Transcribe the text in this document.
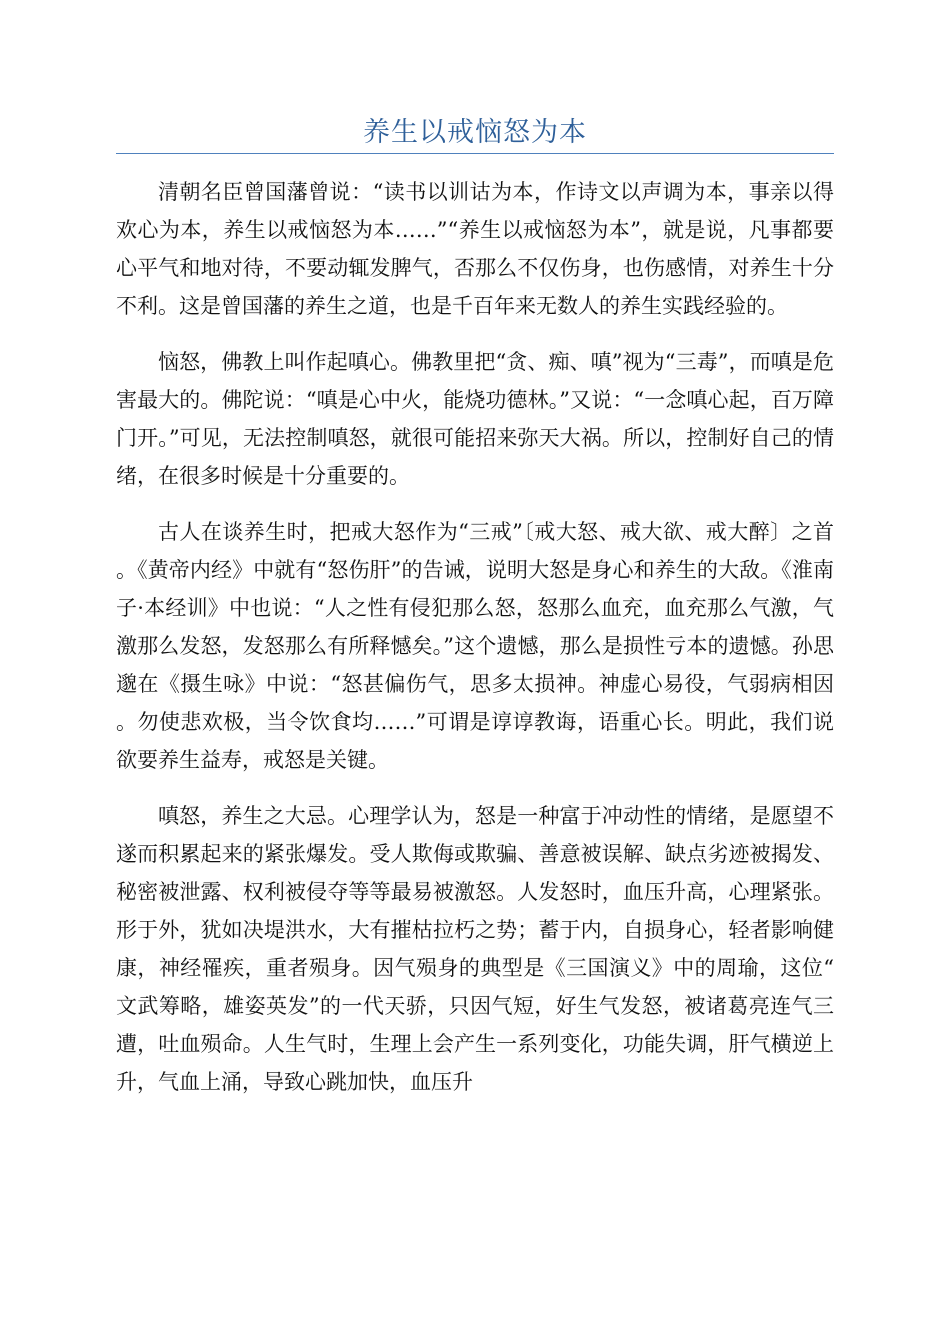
养生以戒恼怒为本

清朝名臣曾国藩曾说：“读书以训诂为本，作诗文以声调为本，事亲以得欢心为本，养生以戒恼怒为本……”“养生以戒恼怒为本”，就是说，凡事都要心平气和地对待，不要动辄发脾气，否那么不仅伤身，也伤感情，对养生十分不利。这是曾国藩的养生之道，也是千百年来无数人的养生实践经验的。

恼怒，佛教上叫作起嗔心。佛教里把“贪、痴、嗔”视为“三毒”，而嗔是危害最大的。佛陀说：“嗔是心中火，能烧功德林。”又说：“一念嗔心起，百万障门开。”可见，无法控制嗔怒，就很可能招来弥天大祸。所以，控制好自己的情绪，在很多时候是十分重要的。

古人在谈养生时，把戒大怒作为“三戒”〔戒大怒、戒大欲、戒大醉〕之首。《黄帝内经》中就有“怒伤肝”的告诫，说明大怒是身心和养生的大敌。《淮南子·本经训》中也说：“人之性有侵犯那么怒，怒那么血充，血充那么气激，气激那么发怒，发怒那么有所释憾矣。”这个遗憾，那么是损性亏本的遗憾。孙思邈在《摄生咏》中说：“怒甚偏伤气，思多太损神。神虚心易役，气弱病相因。勿使悲欢极，当令饮食均……”可谓是谆谆教诲，语重心长。明此，我们说欲要养生益寿，戒怒是关键。

嗔怒，养生之大忌。心理学认为，怒是一种富于冲动性的情绪，是愿望不遂而积累起来的紧张爆发。受人欺侮或欺骗、善意被误解、缺点劣迹被揭发、秘密被泄露、权利被侵夺等等最易被激怒。人发怒时，血压升高，心理紧张。形于外，犹如决堤洪水，大有摧枯拉朽之势；蓄于内，自损身心，轻者影响健康，神经罹疾，重者殒身。因气殒身的典型是《三国演义》中的周瑜，这位“文武筹略，雄姿英发”的一代天骄，只因气短，好生气发怒，被诸葛亮连气三遭，吐血殒命。人生气时，生理上会产生一系列变化，功能失调，肝气横逆上升，气血上涌，导致心跳加快，血压升
